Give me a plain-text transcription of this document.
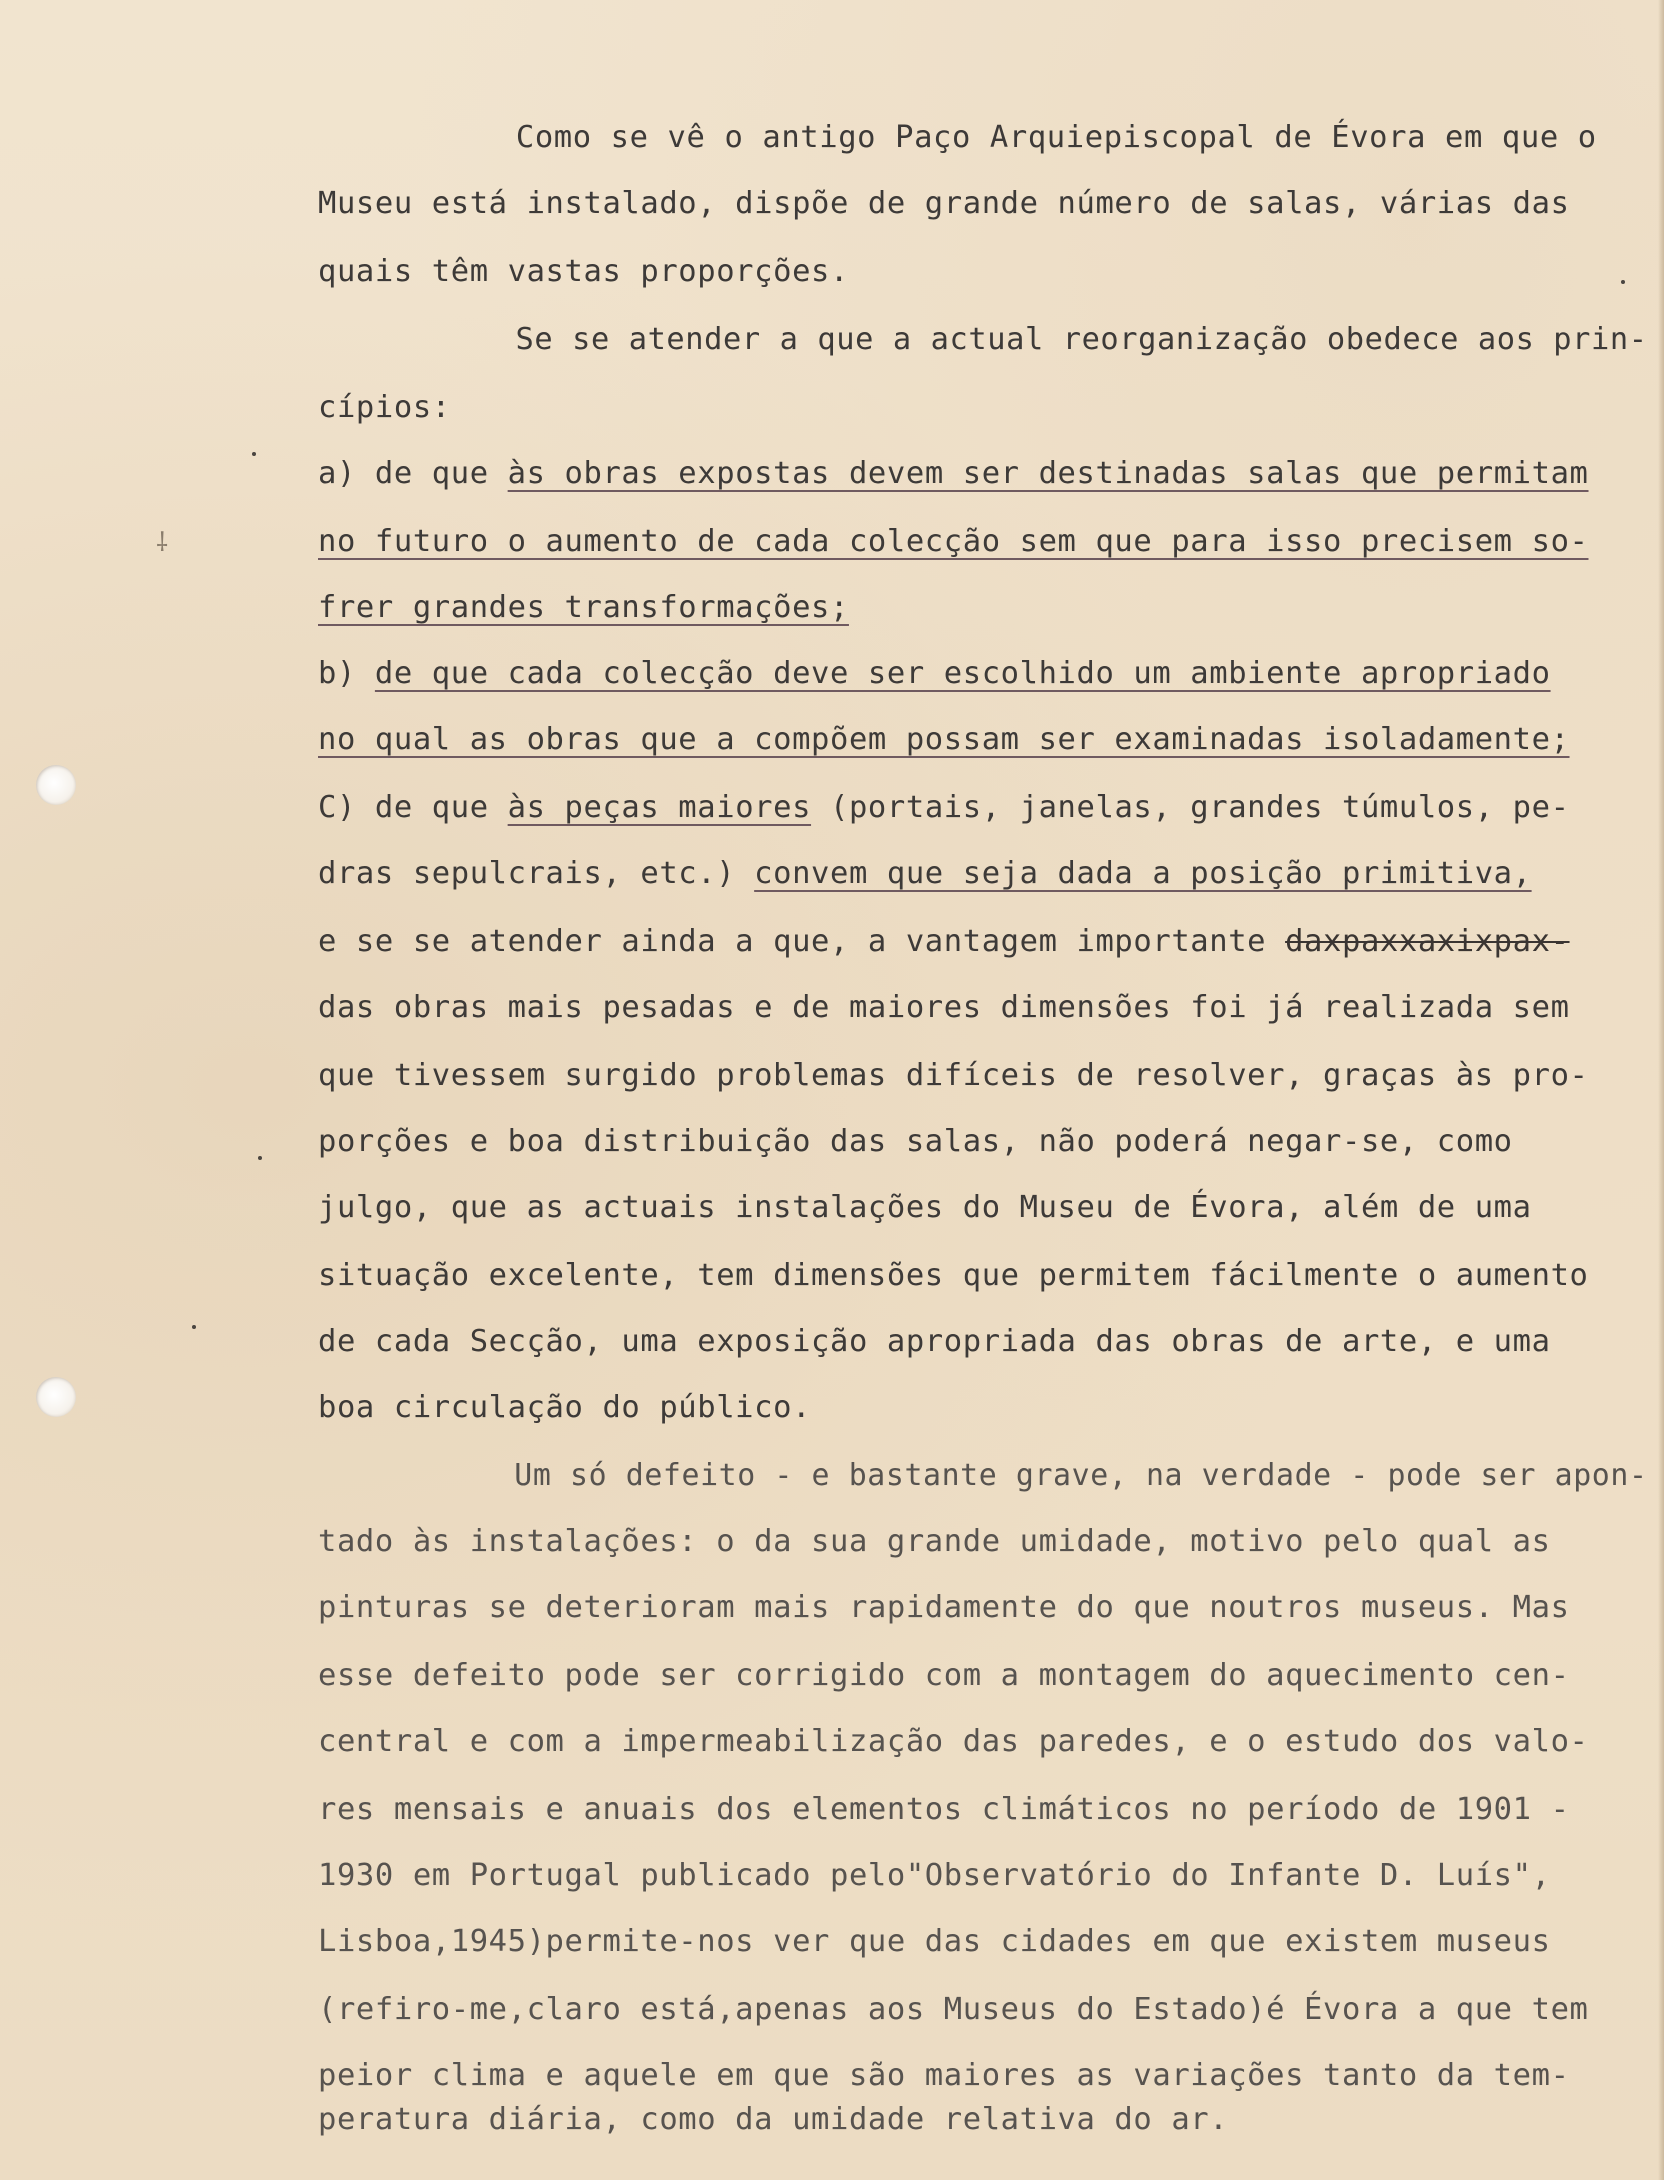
⸸
Como se vê o antigo Paço Arquiepiscopal de Évora em que o
Museu está instalado, dispõe de grande número de salas, várias das
quais têm vastas proporções.
Se se atender a que a actual reorganização obedece aos prin-
cípios:
a) de que às obras expostas devem ser destinadas salas que permitam
no futuro o aumento de cada colecção sem que para isso precisem so-
frer grandes transformações;
b) de que cada colecção deve ser escolhido um ambiente apropriado
no qual as obras que a compõem possam ser examinadas isoladamente;
C) de que às peças maiores (portais, janelas, grandes túmulos, pe-
dras sepulcrais, etc.) convem que seja dada a posição primitiva,
e se se atender ainda a que, a vantagem importante daxpaxxaxixpax-
das obras mais pesadas e de maiores dimensões foi já realizada sem
que tivessem surgido problemas difíceis de resolver, graças às pro-
porções e boa distribuição das salas, não poderá negar-se, como
julgo, que as actuais instalações do Museu de Évora, além de uma
situação excelente, tem dimensões que permitem fácilmente o aumento
de cada Secção, uma exposição apropriada das obras de arte, e uma
boa circulação do público.
Um só defeito - e bastante grave, na verdade - pode ser apon-
tado às instalações: o da sua grande umidade, motivo pelo qual as
pinturas se deterioram mais rapidamente do que noutros museus. Mas
esse defeito pode ser corrigido com a montagem do aquecimento cen-
central e com a impermeabilização das paredes, e o estudo dos valo-
res mensais e anuais dos elementos climáticos no período de 1901 -
1930 em Portugal publicado pelo"Observatório do Infante D. Luís",
Lisboa,1945)permite-nos ver que das cidades em que existem museus
(refiro-me,claro está,apenas aos Museus do Estado)é Évora a que tem
peior clima e aquele em que são maiores as variações tanto da tem-
peratura diária, como da umidade relativa do ar.
